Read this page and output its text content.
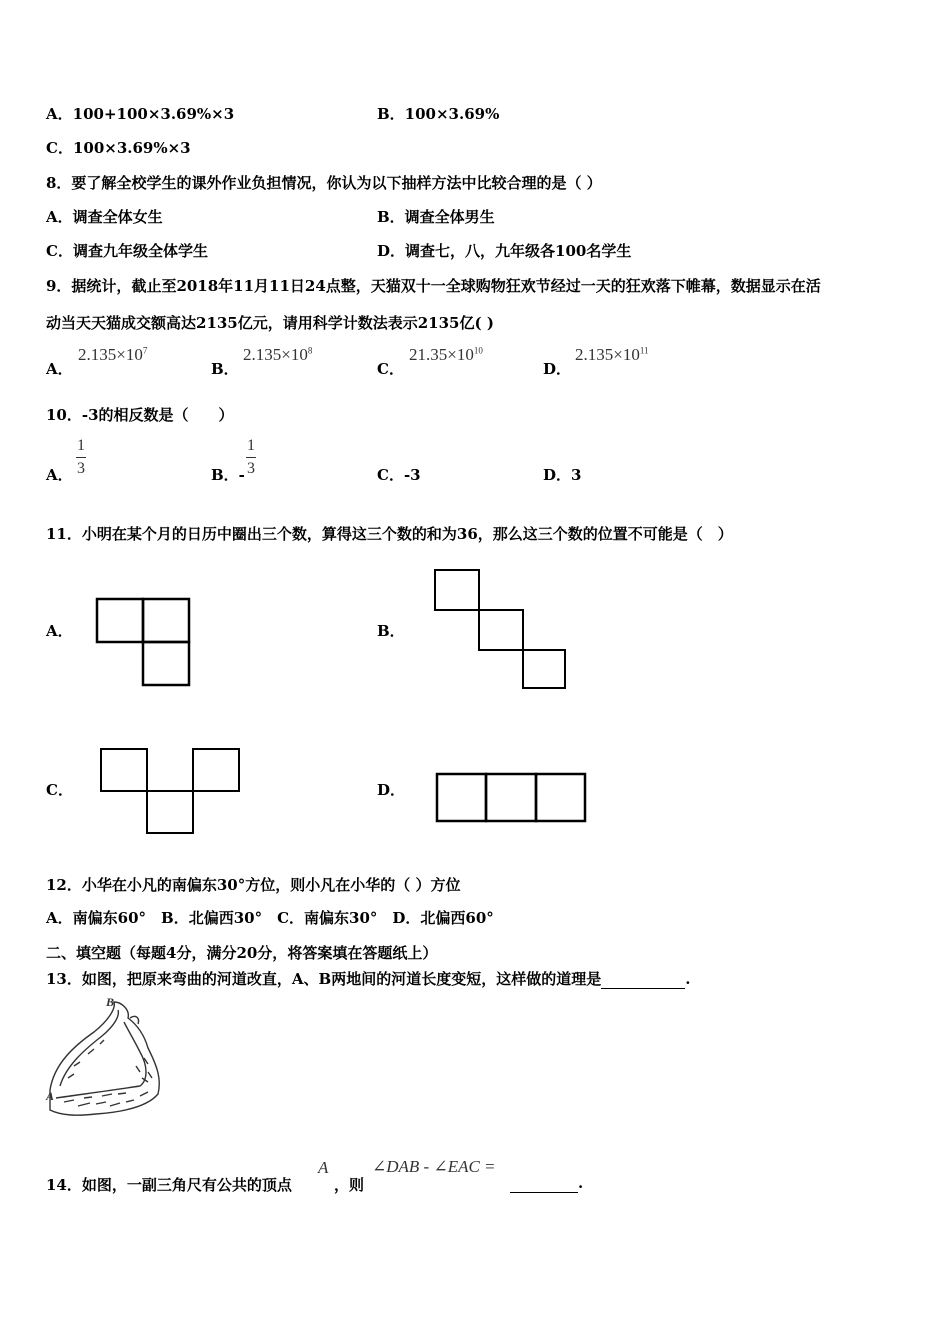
A．100+100×3.69%×3	B．100×3.69%
C．100×3.69%×3
8．要了解全校学生的课外作业负担情况，你认为以下抽样方法中比较合理的是（ ）
A．调查全体女生	B．调查全体男生
C．调查九年级全体学生	D．调查七，八，九年级各100名学生
9．据统计，截止至2018年11月11日24点整，天猫双十一全球购物狂欢节经过一天的狂欢落下帷幕，数据显示在活
动当天天猫成交额高达2135亿元，请用科学计数法表示2135亿( )
A．
$2.135\times 10^7$
B．
$2.135\times 10^8$
C．
$21.35\times 10^{10}$
D．
$2.135\times 10^{11}$
10．-3的相反数是（　　）
A．
1
3	B．-
1
3	C．-3	D．3
11．小明在某个月的日历中圈出三个数，算得这三个数的和为36，那么这三个数的位置不可能是（　）
A．	B．
C．	D．
12．小华在小凡的南偏东30°方位，则小凡在小华的（ ）方位
A．南偏东60°　B．北偏西30°　C．南偏东30°　D．北偏西60°
二、填空题（每题4分，满分20分，将答案填在答题纸上）
13．如图，把原来弯曲的河道改直，A、B两地间的河道长度变短，这样做的道理是	.
B
A
14．如图，一副三角尺有公共的顶点
A
，则
∠DAB - ∠EAC =
.
